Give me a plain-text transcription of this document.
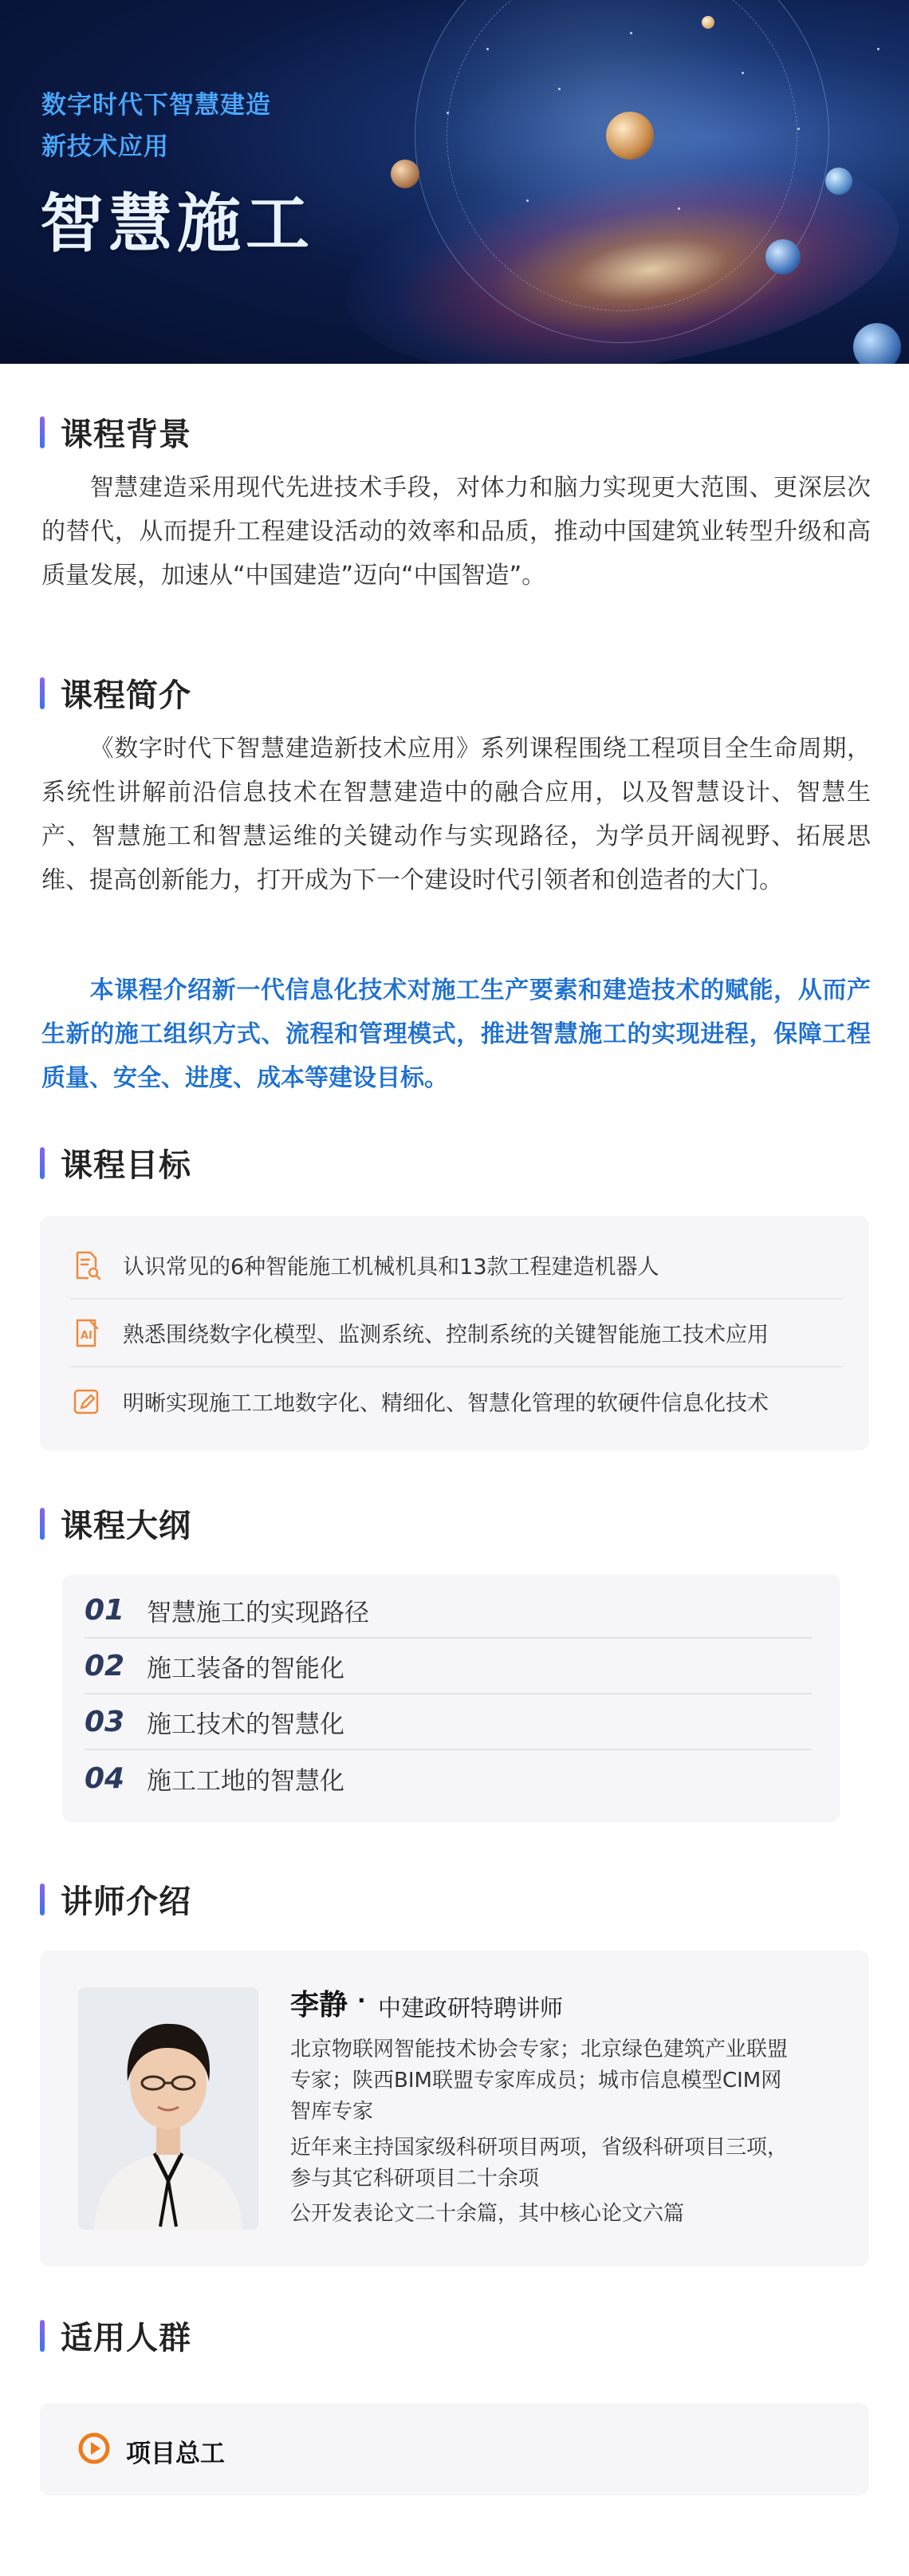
数字时代下智慧建造
新技术应用
智慧施工
课程背景
智慧建造采用现代先进技术手段，对体力和脑力实现更大范围、更深层次的替代，从而提升工程建设活动的效率和品质，推动中国建筑业转型升级和高质量发展，加速从“中国建造”迈向“中国智造”。
课程简介
《数字时代下智慧建造新技术应用》系列课程围绕工程项目全生命周期，系统性讲解前沿信息技术在智慧建造中的融合应用，以及智慧设计、智慧生产、智慧施工和智慧运维的关键动作与实现路径，为学员开阔视野、拓展思维、提高创新能力，打开成为下一个建设时代引领者和创造者的大门。
本课程介绍新一代信息化技术对施工生产要素和建造技术的赋能，从而产生新的施工组织方式、流程和管理模式，推进智慧施工的实现进程，保障工程质量、安全、进度、成本等建设目标。
课程目标
认识常见的6种智能施工机械机具和13款工程建造机器人
AI 熟悉围绕数字化模型、监测系统、控制系统的关键智能施工技术应用
明晰实现施工工地数字化、精细化、智慧化管理的软硬件信息化技术
课程大纲
01 智慧施工的实现路径
02 施工装备的智能化
03 施工技术的智慧化
04 施工工地的智慧化
讲师介绍
李静 · 中建政研特聘讲师
北京物联网智能技术协会专家；北京绿色建筑产业联盟
专家；陕西BIM联盟专家库成员；城市信息模型CIM网
智库专家
近年来主持国家级科研项目两项，省级科研项目三项，
参与其它科研项目二十余项
公开发表论文二十余篇，其中核心论文六篇
适用人群
项目总工
